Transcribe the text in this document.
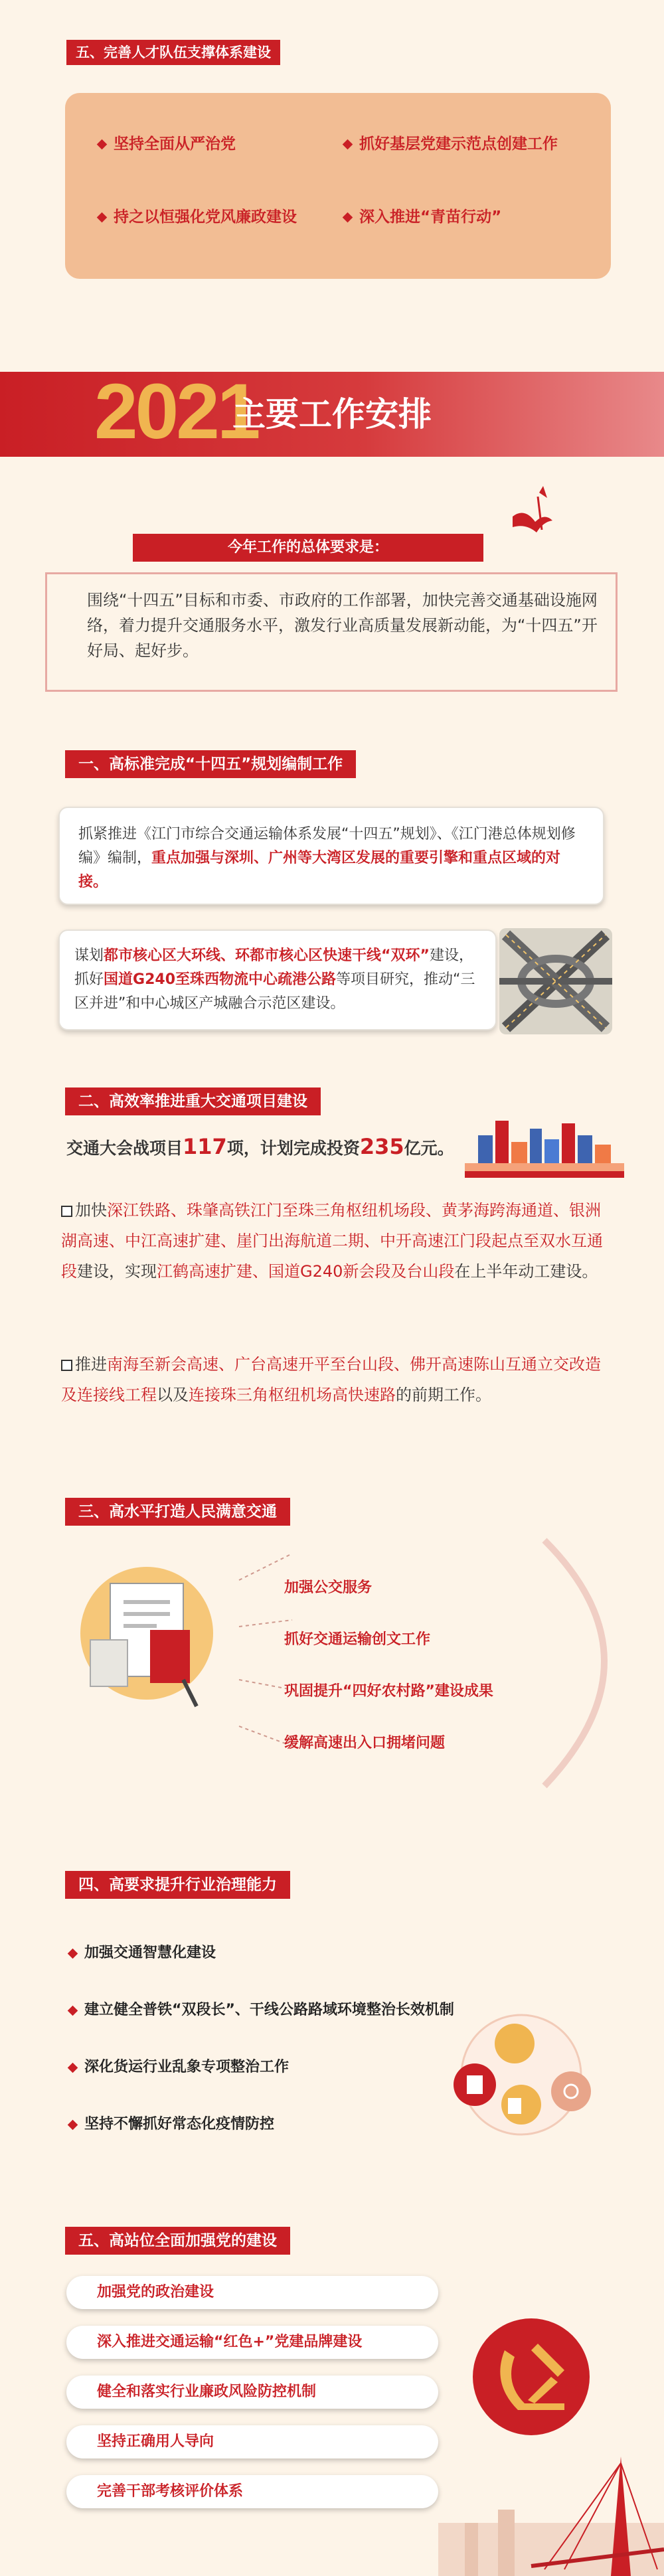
五、完善人才队伍支撑体系建设
坚持全面从严治党	抓好基层党建示范点创建工作
持之以恒强化党风廉政建设	深入推进“青苗行动”
2021
主要工作安排
今年工作的总体要求是：
围绕“十四五”目标和市委、市政府的工作部署，加快完善交通基础设施网络，着力提升交通服务水平，激发行业高质量发展新动能，为“十四五”开好局、起好步。
一、高标准完成“十四五”规划编制工作
抓紧推进《江门市综合交通运输体系发展“十四五”规划》、《江门港总体规划修编》编制，重点加强与深圳、广州等大湾区发展的重要引擎和重点区域的对接。
谋划都市核心区大环线、环都市核心区快速干线“双环”建设，抓好国道G240至珠西物流中心疏港公路等项目研究，推动“三区并进”和中心城区产城融合示范区建设。
二、高效率推进重大交通项目建设
交通大会战项目117项，计划完成投资235亿元。
加快深江铁路、珠肇高铁江门至珠三角枢纽机场段、黄茅海跨海通道、银洲湖高速、中江高速扩建、崖门出海航道二期、中开高速江门段起点至双水互通段建设，实现江鹤高速扩建、国道G240新会段及台山段在上半年动工建设。
推进南海至新会高速、广台高速开平至台山段、佛开高速陈山互通立交改造及连接线工程以及连接珠三角枢纽机场高快速路的前期工作。
三、高水平打造人民满意交通
加强公交服务
抓好交通运输创文工作
巩固提升“四好农村路”建设成果
缓解高速出入口拥堵问题
四、高要求提升行业治理能力
加强交通智慧化建设
建立健全普铁“双段长”、干线公路路域环境整治长效机制
深化货运行业乱象专项整治工作
坚持不懈抓好常态化疫情防控
五、高站位全面加强党的建设
加强党的政治建设
深入推进交通运输“红色+”党建品牌建设
健全和落实行业廉政风险防控机制
坚持正确用人导向
完善干部考核评价体系
